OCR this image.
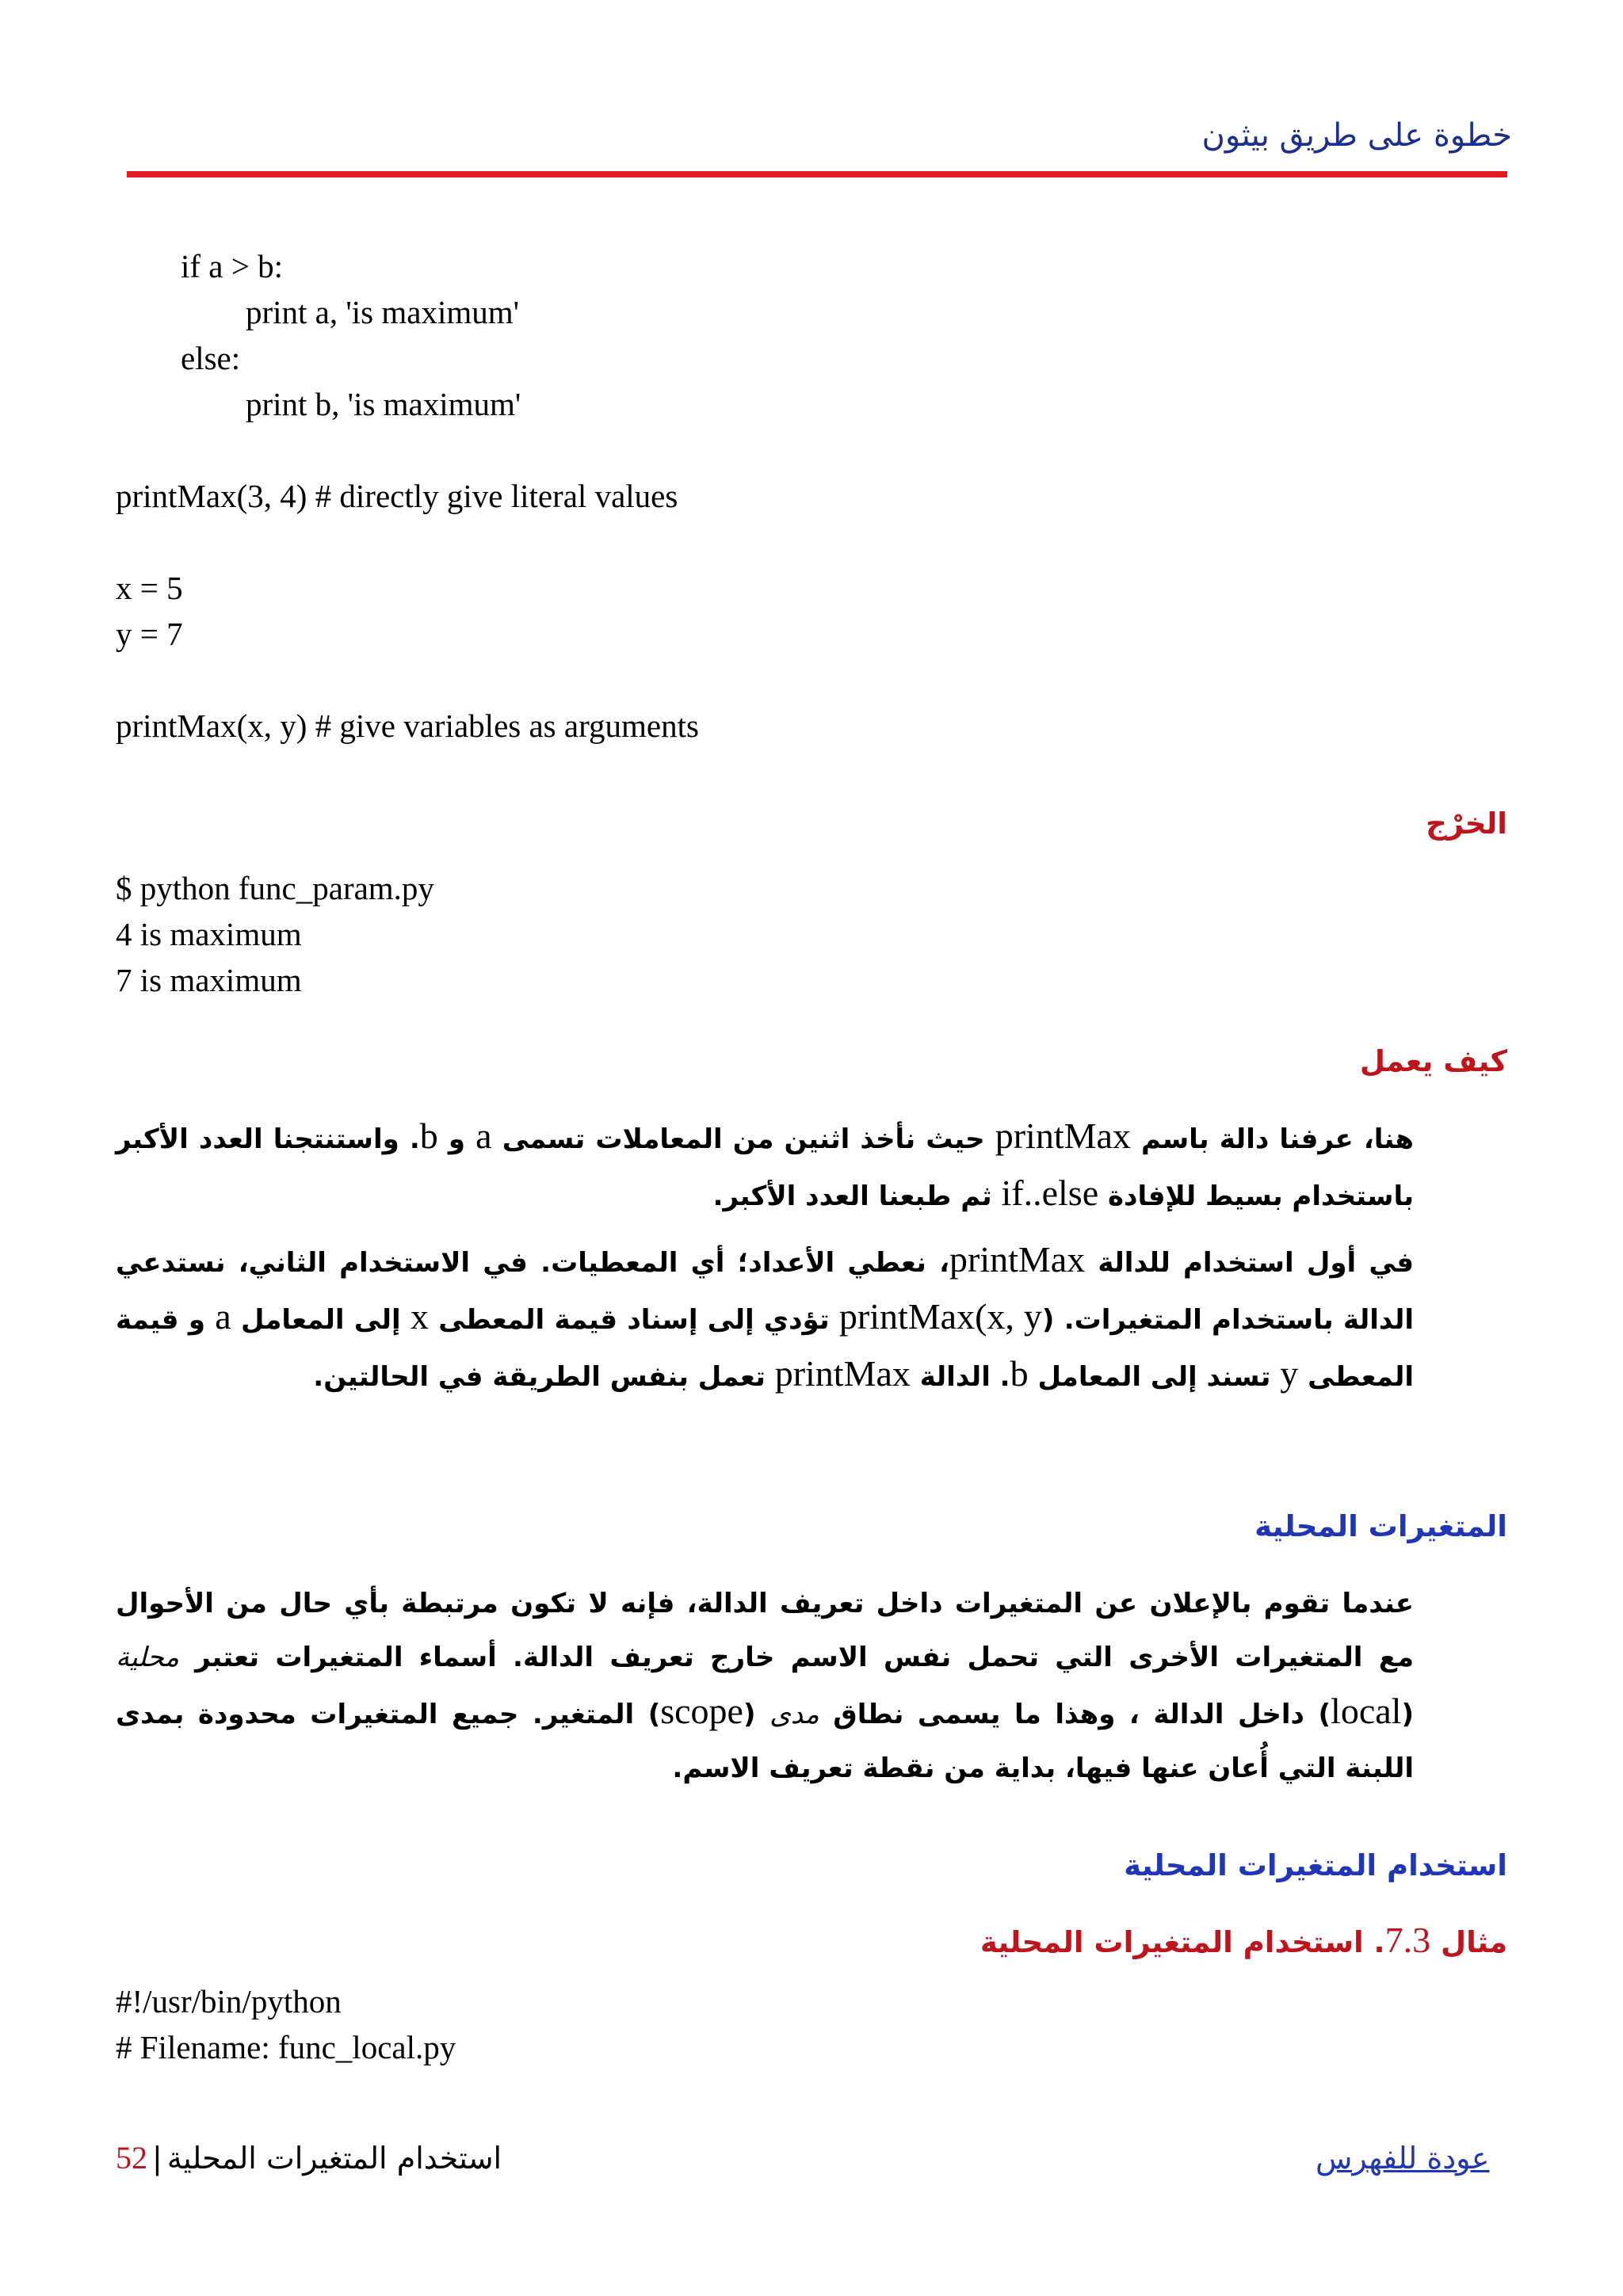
خطوة على طريق بيثون
if a > b:
print a, 'is maximum'
else:
print b, 'is maximum'

printMax(3, 4) # directly give literal values

x = 5
y = 7

printMax(x, y) # give variables as arguments
الخرْج
$ python func_param.py
4 is maximum
7 is maximum
كيف يعمل
هنا، عرفنا دالة باسم printMax حيث نأخذ اثنين من المعاملات تسمى a و b. واستنتجنا العدد الأكبر باستخدام بسيط للإفادة if..else ثم طبعنا العدد الأكبر.
في أول استخدام للدالة printMax، نعطي الأعداد؛ أي المعطيات. في الاستخدام الثاني، نستدعي الدالة باستخدام المتغيرات. printMax(x, y) تؤدي إلى إسناد قيمة المعطى x إلى المعامل a و قيمة المعطى y تسند إلى المعامل b. الدالة printMax تعمل بنفس الطريقة في الحالتين.
المتغيرات المحلية
عندما تقوم بالإعلان عن المتغيرات داخل تعريف الدالة، فإنه لا تكون مرتبطة بأي حال من الأحوال مع المتغيرات الأخرى التي تحمل نفس الاسم خارج تعريف الدالة. أسماء المتغيرات تعتبر محلية (local) داخل الدالة ، وهذا ما يسمى نطاق مدى (scope) المتغير. جميع المتغيرات محدودة بمدى اللبنة التي أُعان عنها فيها، بداية من نقطة تعريف الاسم.
استخدام المتغيرات المحلية
مثال 7.3. استخدام المتغيرات المحلية
#!/usr/bin/python
# Filename: func_local.py
52 | استخدام المتغيرات المحلية	عودة للفهرس
